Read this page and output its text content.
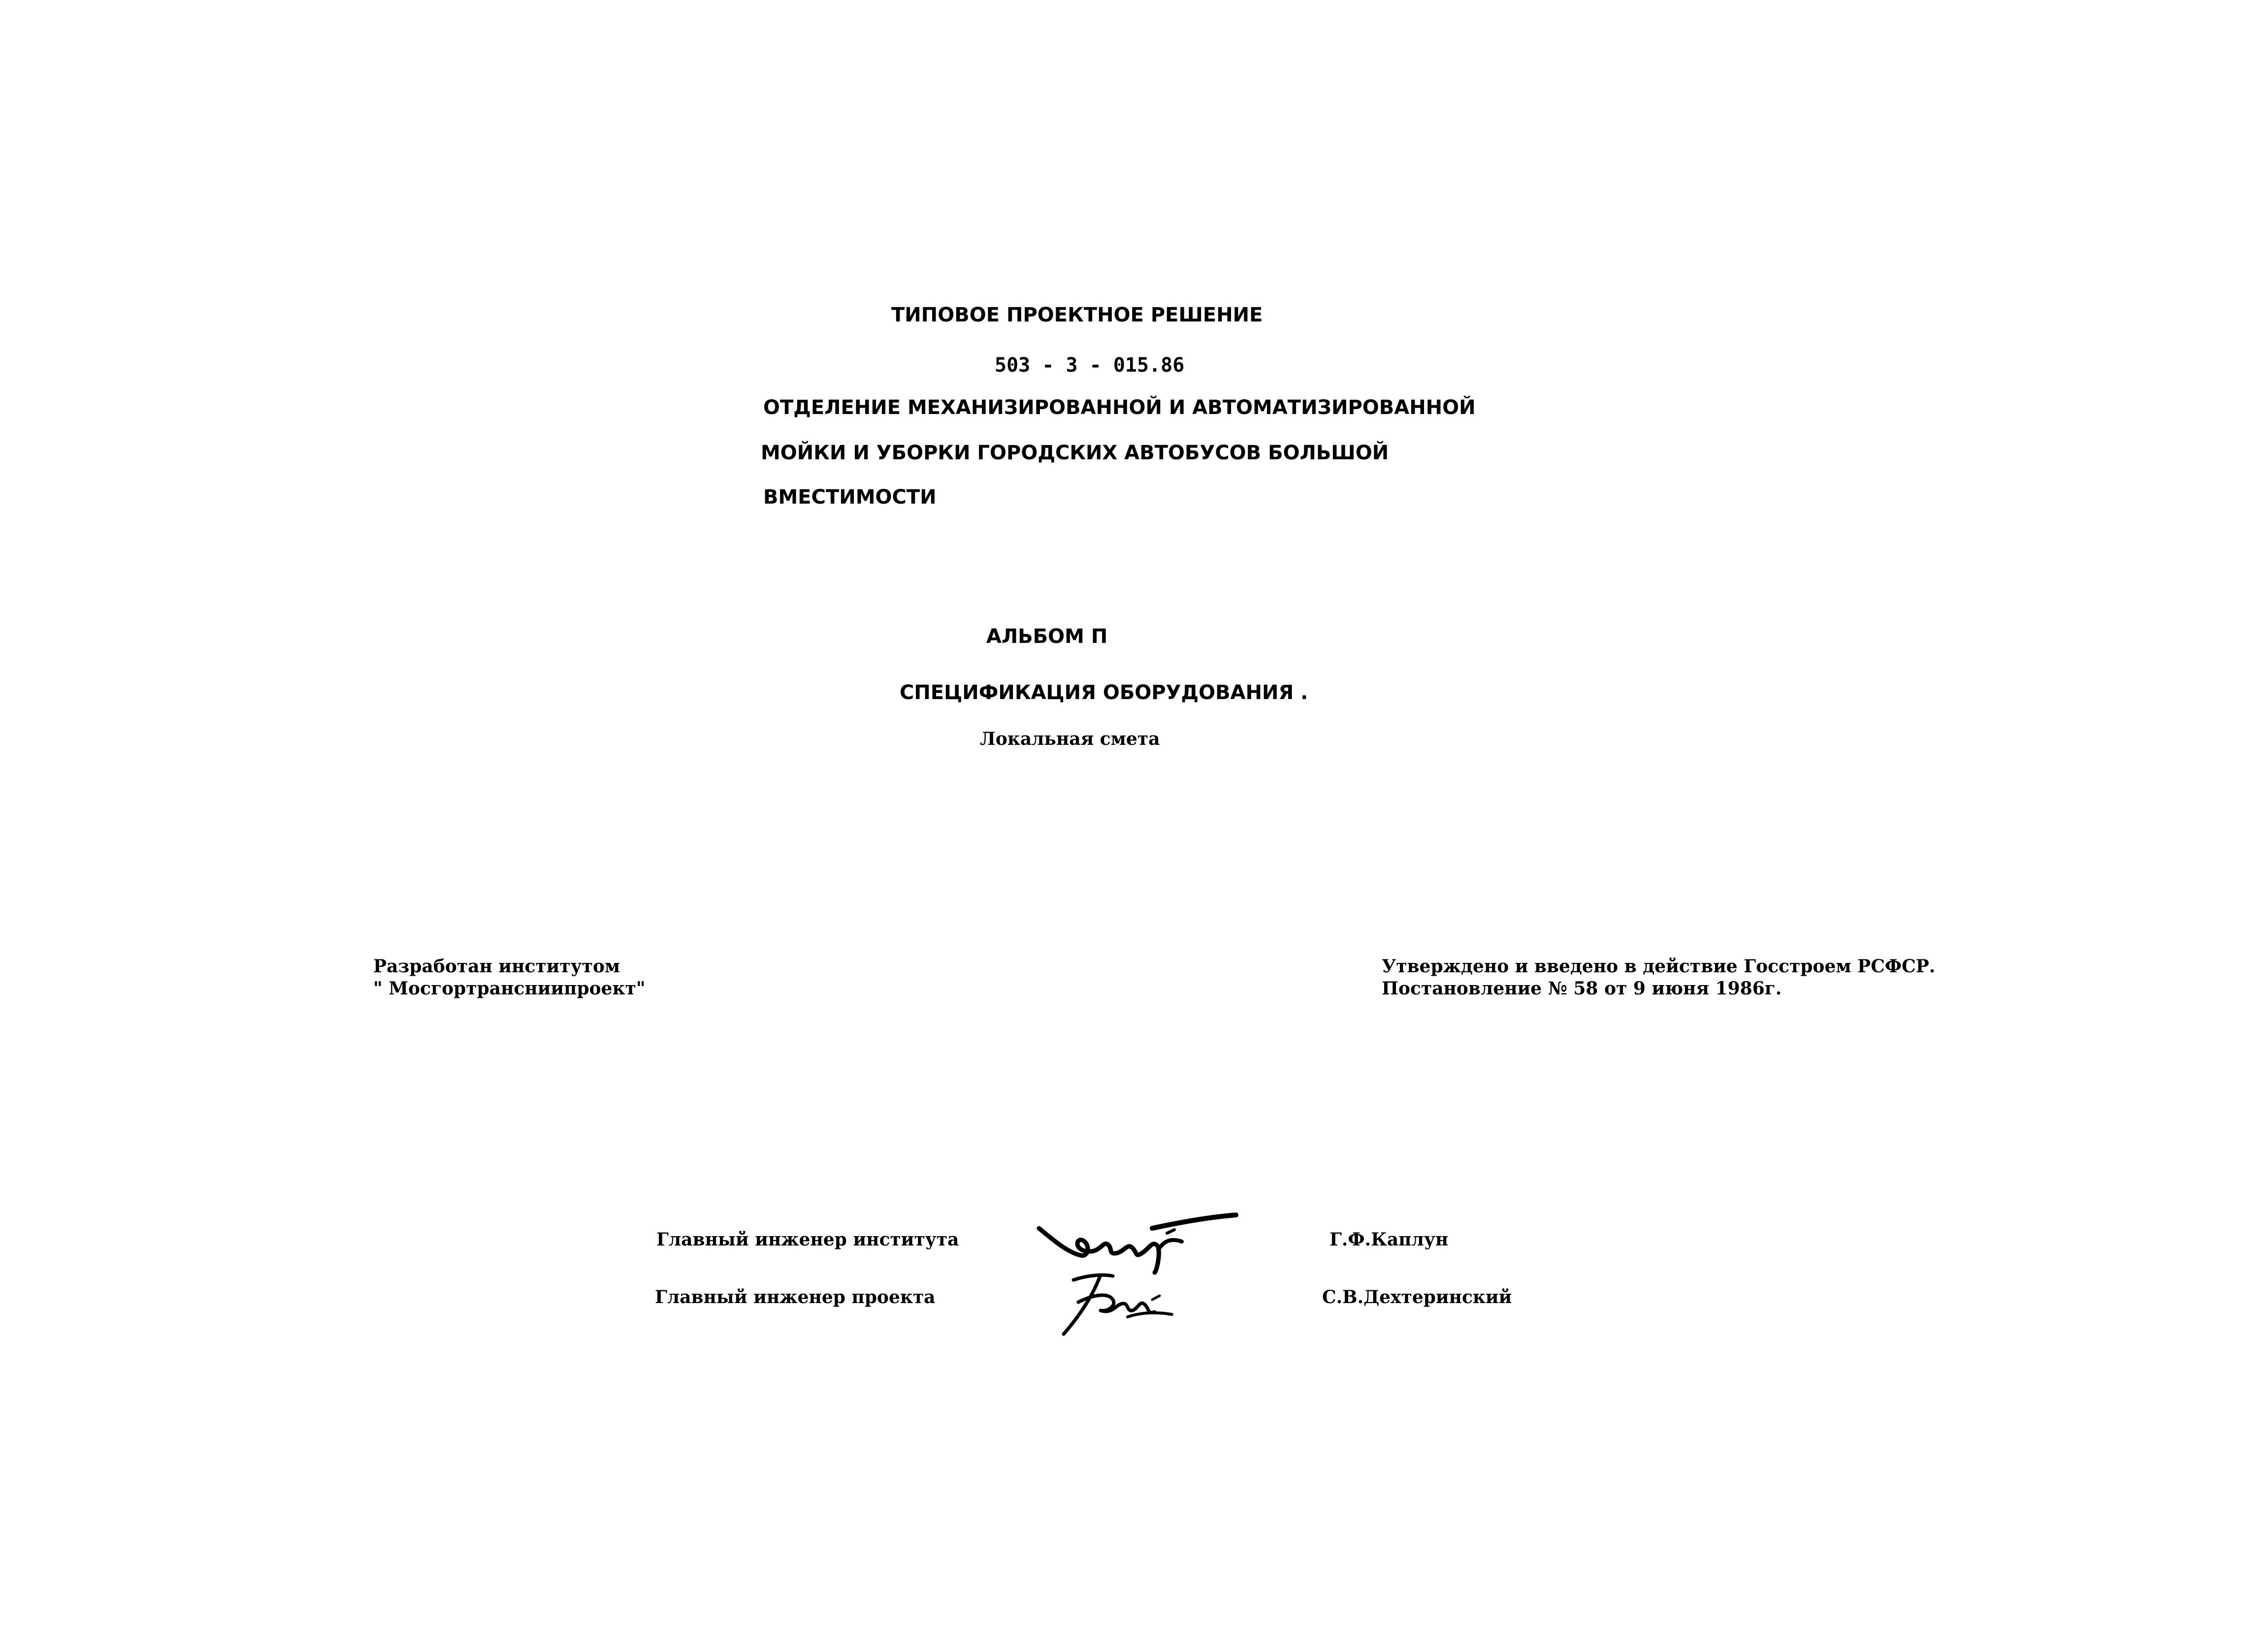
ТИПОВОЕ ПРОЕКТНОЕ РЕШЕНИЕ
503 - 3 - 015.86
ОТДЕЛЕНИЕ МЕХАНИЗИРОВАННОЙ И АВТОМАТИЗИРОВАННОЙ
МОЙКИ И УБОРКИ ГОРОДСКИХ АВТОБУСОВ БОЛЬШОЙ
ВМЕСТИМОСТИ
АЛЬБОМ П
СПЕЦИФИКАЦИЯ ОБОРУДОВАНИЯ .
Локальная смета
Разработан институтом
" Мосгортрансниипроект"
Утверждено и введено в действие Госстроем РСФСР.
Постановление № 58 от 9 июня 1986г.
Главный инженер института	Г.Ф.Каплун
Главный инженер проекта	С.В.Дехтеринский
